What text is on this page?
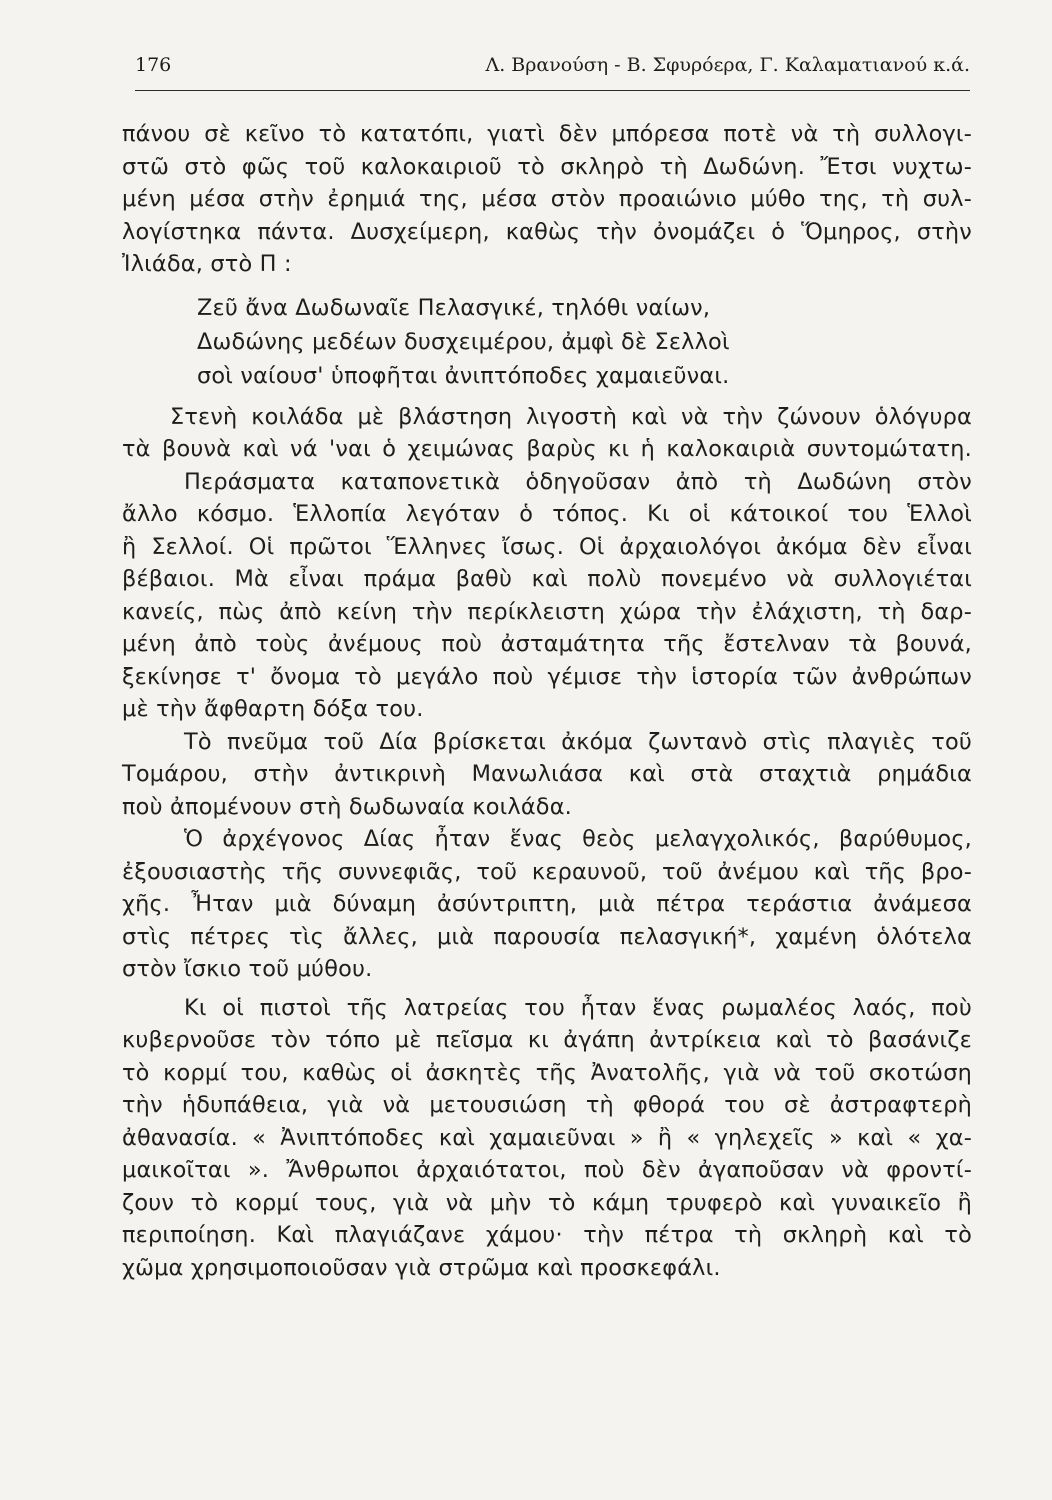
176	Λ. Βρανούση - Β. Σφυρόερα, Γ. Καλαματιανού κ.ά.
πάνου σὲ κεῖνο τὸ κατατόπι, γιατὶ δὲν μπόρεσα ποτὲ νὰ τὴ συλλογι-
στῶ στὸ φῶς τοῦ καλοκαιριοῦ τὸ σκληρὸ τὴ Δωδώνη. Ἔτσι νυχτω-
μένη μέσα στὴν ἐρημιά της, μέσα στὸν προαιώνιο μύθο της, τὴ συλ-
λογίστηκα πάντα. Δυσχείμερη, καθὼς τὴν ὀνομάζει ὁ Ὅμηρος, στὴν
Ἰλιάδα, στὸ Π :
Ζεῦ ἄνα Δωδωναῖε Πελασγικέ, τηλόθι ναίων,
Δωδώνης μεδέων δυσχειμέρου, ἀμφὶ δὲ Σελλοὶ
σοὶ ναίουσ' ὑποφῆται ἀνιπτόποδες χαμαιεῦναι.
Στενὴ κοιλάδα μὲ βλάστηση λιγοστὴ καὶ νὰ τὴν ζώνουν ὁλόγυρα
τὰ βουνὰ καὶ νά 'ναι ὁ χειμώνας βαρὺς κι ἡ καλοκαιριὰ συντομώτατη.
Περάσματα καταπονετικὰ ὁδηγοῦσαν ἀπὸ τὴ Δωδώνη στὸν
ἄλλο κόσμο. Ἑλλοπία λεγόταν ὁ τόπος. Κι οἱ κάτοικοί του Ἑλλοὶ
ἢ Σελλοί. Οἱ πρῶτοι Ἕλληνες ἴσως. Οἱ ἀρχαιολόγοι ἀκόμα δὲν εἶναι
βέβαιοι. Μὰ εἶναι πράμα βαθὺ καὶ πολὺ πονεμένο νὰ συλλογιέται
κανείς, πὼς ἀπὸ κείνη τὴν περίκλειστη χώρα τὴν ἐλάχιστη, τὴ δαρ-
μένη ἀπὸ τοὺς ἀνέμους ποὺ ἀσταμάτητα τῆς ἔστελναν τὰ βουνά,
ξεκίνησε τ' ὄνομα τὸ μεγάλο ποὺ γέμισε τὴν ἱστορία τῶν ἀνθρώπων
μὲ τὴν ἄφθαρτη δόξα του.
Τὸ πνεῦμα τοῦ Δία βρίσκεται ἀκόμα ζωντανὸ στὶς πλαγιὲς τοῦ
Τομάρου, στὴν ἀντικρινὴ Μανωλιάσα καὶ στὰ σταχτιὰ ρημάδια
ποὺ ἀπομένουν στὴ δωδωναία κοιλάδα.
Ὁ ἀρχέγονος Δίας ἦταν ἕνας θεὸς μελαγχολικός, βαρύθυμος,
ἐξουσιαστὴς τῆς συννεφιᾶς, τοῦ κεραυνοῦ, τοῦ ἀνέμου καὶ τῆς βρο-
χῆς. Ἦταν μιὰ δύναμη ἀσύντριπτη, μιὰ πέτρα τεράστια ἀνάμεσα
στὶς πέτρες τὶς ἄλλες, μιὰ παρουσία πελασγική*, χαμένη ὁλότελα
στὸν ἴσκιο τοῦ μύθου.
Κι οἱ πιστοὶ τῆς λατρείας του ἦταν ἕνας ρωμαλέος λαός, ποὺ
κυβερνοῦσε τὸν τόπο μὲ πεῖσμα κι ἀγάπη ἀντρίκεια καὶ τὸ βασάνιζε
τὸ κορμί του, καθὼς οἱ ἀσκητὲς τῆς Ἀνατολῆς, γιὰ νὰ τοῦ σκοτώση
τὴν ἡδυπάθεια, γιὰ νὰ μετουσιώση τὴ φθορά του σὲ ἀστραφτερὴ
ἀθανασία. « Ἀνιπτόποδες καὶ χαμαιεῦναι » ἢ « γηλεχεῖς » καὶ « χα-
μαικοῖται ». Ἄνθρωποι ἀρχαιότατοι, ποὺ δὲν ἀγαποῦσαν νὰ φροντί-
ζουν τὸ κορμί τους, γιὰ νὰ μὴν τὸ κάμη τρυφερὸ καὶ γυναικεῖο ἢ
περιποίηση. Καὶ πλαγιάζανε χάμου· τὴν πέτρα τὴ σκληρὴ καὶ τὸ
χῶμα χρησιμοποιοῦσαν γιὰ στρῶμα καὶ προσκεφάλι.
